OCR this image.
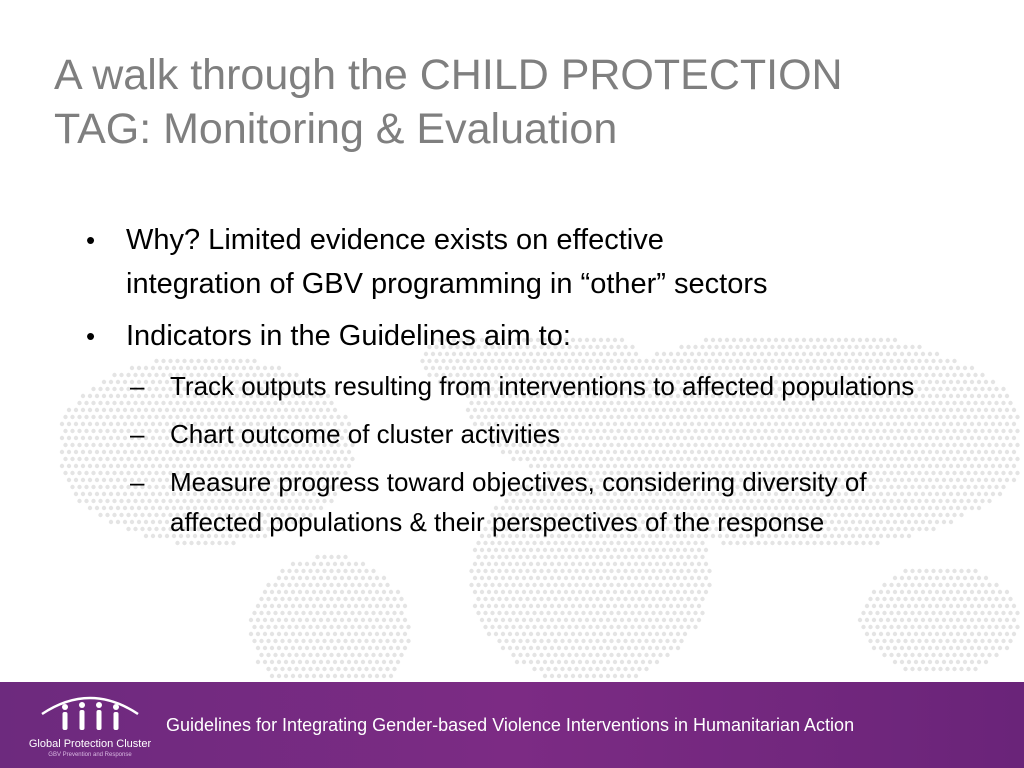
A walk through the CHILD PROTECTION
TAG: Monitoring & Evaluation
•	Why? Limited evidence exists on effective
integration of GBV programming in “other” sectors
•	Indicators in the Guidelines aim to:
– Track outputs resulting from interventions to affected populations
– Chart outcome of cluster activities
– Measure progress toward objectives, considering diversity of affected populations & their perspectives of the response
Global Protection Cluster
GBV Prevention and Response
Guidelines for Integrating Gender-based Violence Interventions in Humanitarian Action
